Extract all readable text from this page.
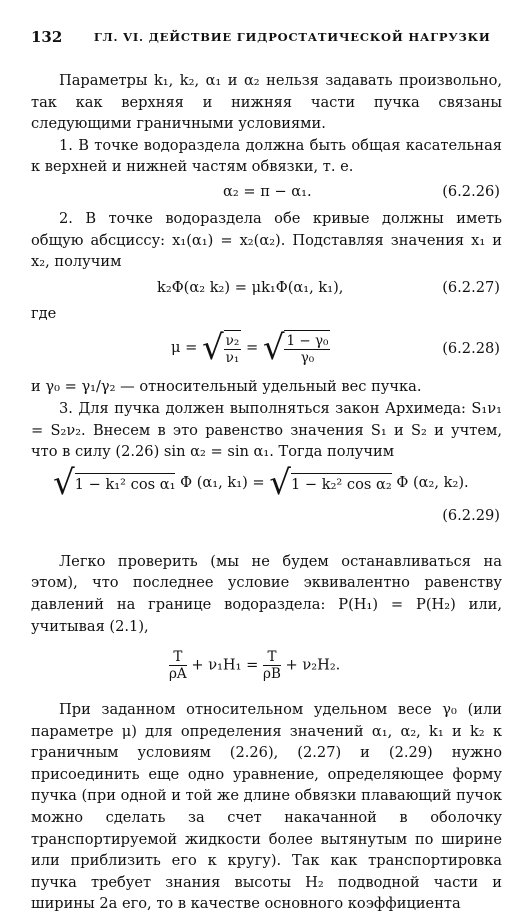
132	ГЛ. VI. ДЕЙСТВИЕ ГИДРОСТАТИЧЕСКОЙ НАГРУЗКИ

Параметры k₁, k₂, α₁ и α₂ нельзя задавать произвольно, так как верхняя и нижняя части пучка связаны следующими граничными условиями.

1. В точке водораздела должна быть общая касательная к верхней и нижней частям обвязки, т. е.

α₂ = π − α₁.	(6.2.26)

2. В точке водораздела обе кривые должны иметь общую абсциссу: x₁(α₁) = x₂(α₂). Подставляя значения x₁ и x₂, получим

k₂Φ(α₂ k₂) = μk₁Φ(α₁, k₁),	(6.2.27)

где

μ = √ $\frac{\text{ν₂}}{\text{ν₁}}$ = √ $\frac{\text{1 − γ₀}}{\text{γ₀}}$	(6.2.28)

и γ₀ = γ₁/γ₂ — относительный удельный вес пучка.

3. Для пучка должен выполняться закон Архимеда: S₁ν₁ = S₂ν₂. Внесем в это равенство значения S₁ и S₂ и учтем, что в силу (2.26) sin α₂ = sin α₁. Тогда получим

√1 − k₁² cos α₁ Φ (α₁, k₁) = √1 − k₂² cos α₂ Φ (α₂, k₂).
(6.2.29)

Легко проверить (мы не будем останавливаться на этом), что последнее условие эквивалентно равенству давлений на границе водораздела: P(H₁) = P(H₂) или, учитывая (2.1),

$\frac{T}{\rho A} + \nu_1H_1 = \frac{T}{\rho B} + \nu_2H_2$.

При заданном относительном удельном весе γ₀ (или параметре μ) для определения значений α₁, α₂, k₁ и k₂ к граничным условиям (2.26), (2.27) и (2.29) нужно присоединить еще одно уравнение, определяющее форму пучка (при одной и той же длине обвязки плавающий пучок можно сделать за счет накачанной в оболочку транспортируемой жидкости более вытянутым по ширине или приблизить его к кругу). Так как транспортировка пучка требует знания высоты H₂ подводной части и ширины 2a его, то в качестве основного коэффициента
